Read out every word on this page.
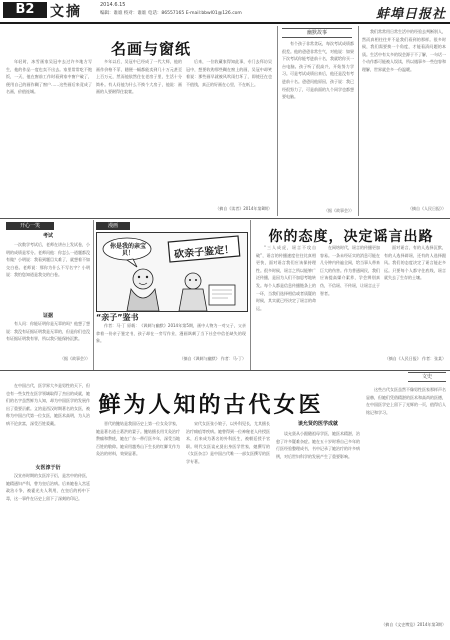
B2	文摘	2014.6.15
编辑：谁谁 校对：谁谁 电话：86557165 E-mail:bbwl01@126.com	蚌埠日报社
名画与窗纸

年轻时，冰雪画家吴冠中去过许多地方写生，他的作品一度也卖不出去。家里常常吃不饱饭，一天，他在窗前工作时看到家中窗户破了，便用自己的画作糊了窗户……这些画后来竟成了名画，价值连城。

多年以后，吴冠中已经成了一代大师，他的画作价格不菲，随便一幅都能卖到几十万元甚至上百万元，然而他依然住在老房子里，生活十分简朴。有人问他为什么不换个大房子，他说：画画的人要耐得住寂寞。

后来，一位收藏家得知此事，专门去拜访吴冠中，想要收购那些糊在窗上的画，吴冠中却笑着说：那些画早就被风吹雨打坏了，即使还在也不值钱，真正的好画在心里，不在纸上。

（摘自《读者》2014年第8期）
幽默故事

有个孩子非常贪玩，每次考试成绩都很差。他的爸爸非常生气，对他说：如果下次考试你能考进前十名，我就给你买一台电脑。孩子听了很高兴，开始努力学习。可是考试成绩出来后，他还是没有考进前十名。爸爸问他原因，孩子说：我已经很努力了，可是前面的九个同学也都想要电脑。

（据《故事会》）

我们常常用日常生活中的经验去判断别人，然而真相往往并不是我们看到的那样。很多时候，我们需要换一个角度，才能看清问题的本质。生活中有太多的误会源于不了解，一句话一个动作都可能被人误读，所以遇事多一些包容和理解，世界就会多一份温暖。

（摘自《人民日报》）
开心一笑
考试

一次数学考试后，老师在讲台上发试卷，小明的成绩是零分。老师问他：你怎么一道题都没有做？小明说：我看到题目太难了，就想着不如交白卷。老师说：那你为什么不写名字？小明说：我怕您知道是我交的白卷。

证据

有人问：你能证明你是无辜的吗？他想了想说：我没有证据证明我是无辜的，但是你们也没有证据证明我有罪，所以我只能保持沉默。

（据《故事会》）
漫画
你是我的亲宝贝！	砍亲子鉴定！
“亲子”鉴书

作者：马·丁 原载：《讽刺与幽默》2014年第5期，画中人物为一对父子，父亲拿着一份亲子鉴定书，孩子却在一旁写作业，漫画讽刺了当下社会中信任缺失的现象。

（摘自《讽刺与幽默》 作者：马·丁）
你的态度，决定谣言出路

“三人成虎，谣言不攻自破”，谣言的传播速度往往比真相更快，面对谣言我们应该保持理性。很多时候，谣言之所以能够广泛传播，是因为人们不加思考地转发。每个人都是信息传播链条上的一环，当我们选择相信或者质疑的时候，其实就已经决定了谣言的命运。

在网络时代，谣言的传播更加容易。一条未经证实的消息可能在几分钟内传遍全网，给当事人带来巨大的伤害。作为普通网民，我们应该提高媒介素养，学会辨别真伪，不信谣、不传谣，让谣言止于智者。

面对谣言，有的人选择沉默，有的人选择辟谣，还有的人选择跟风。我们的态度决定了谣言能走多远。只要每个人都守住底线，谣言就失去了生存的土壤。

（摘自《人民日报》 作者：张某）
文史
鲜为人知的古代女医

在中国古代，医学界大多是男性的天下，但也有一些女性在医学领域取得了杰出的成就，她们的名字虽然鲜为人知，却为中国医学的发展作出了重要贡献。义妁是西汉时期著名的女医，被称为中国古代第一位女医，她医术高明，为人治病不论贫富，深受百姓爱戴。

女医淳于衍

汉宣帝时期的女医淳于衍，是宫中的侍医，她精通妇产科，曾为皇后治病。后来她卷入宫廷政治斗争，被霍光夫人利用，在皇后的药中下毒，这一事件在历史上留下了深刻的印记。

晋代的鲍姑是我国历史上第一位女灸学家，她是著名道士葛洪的妻子。鲍姑擅长用艾灸治疗赘瘤和赘疣，她在广东一带行医多年，深受当地百姓的敬仰。她采用越秀山下生长的红脚艾作为灸治的材料，效果显著。

宋代女医张小娘子，以外科见长，尤其擅长治疗痈疽等疾病。她曾得到一位神秘老人传授医术，后来成为著名的外科医生，被朝廷授予官职。明代女医谈允贤出身医学世家，她撰写的《女医杂言》是中国古代唯一一部女医撰写的医学专著。

谈允贤的医学成就

谈允贤从小跟随祖母学医，她医术精湛，治愈了许多疑难杂症。她在五十岁时将自己多年的行医经验整理成书，书中记录了她治疗的许多病例，对后世妇科学的发展产生了重要影响。

这些古代女医虽然不像男性医家那样声名显赫，但她们凭借精湛的医术和高尚的医德，在中国医学史上留下了光辉的一页，值得后人铭记和学习。

（摘自《文史博览》2014年第3期）
